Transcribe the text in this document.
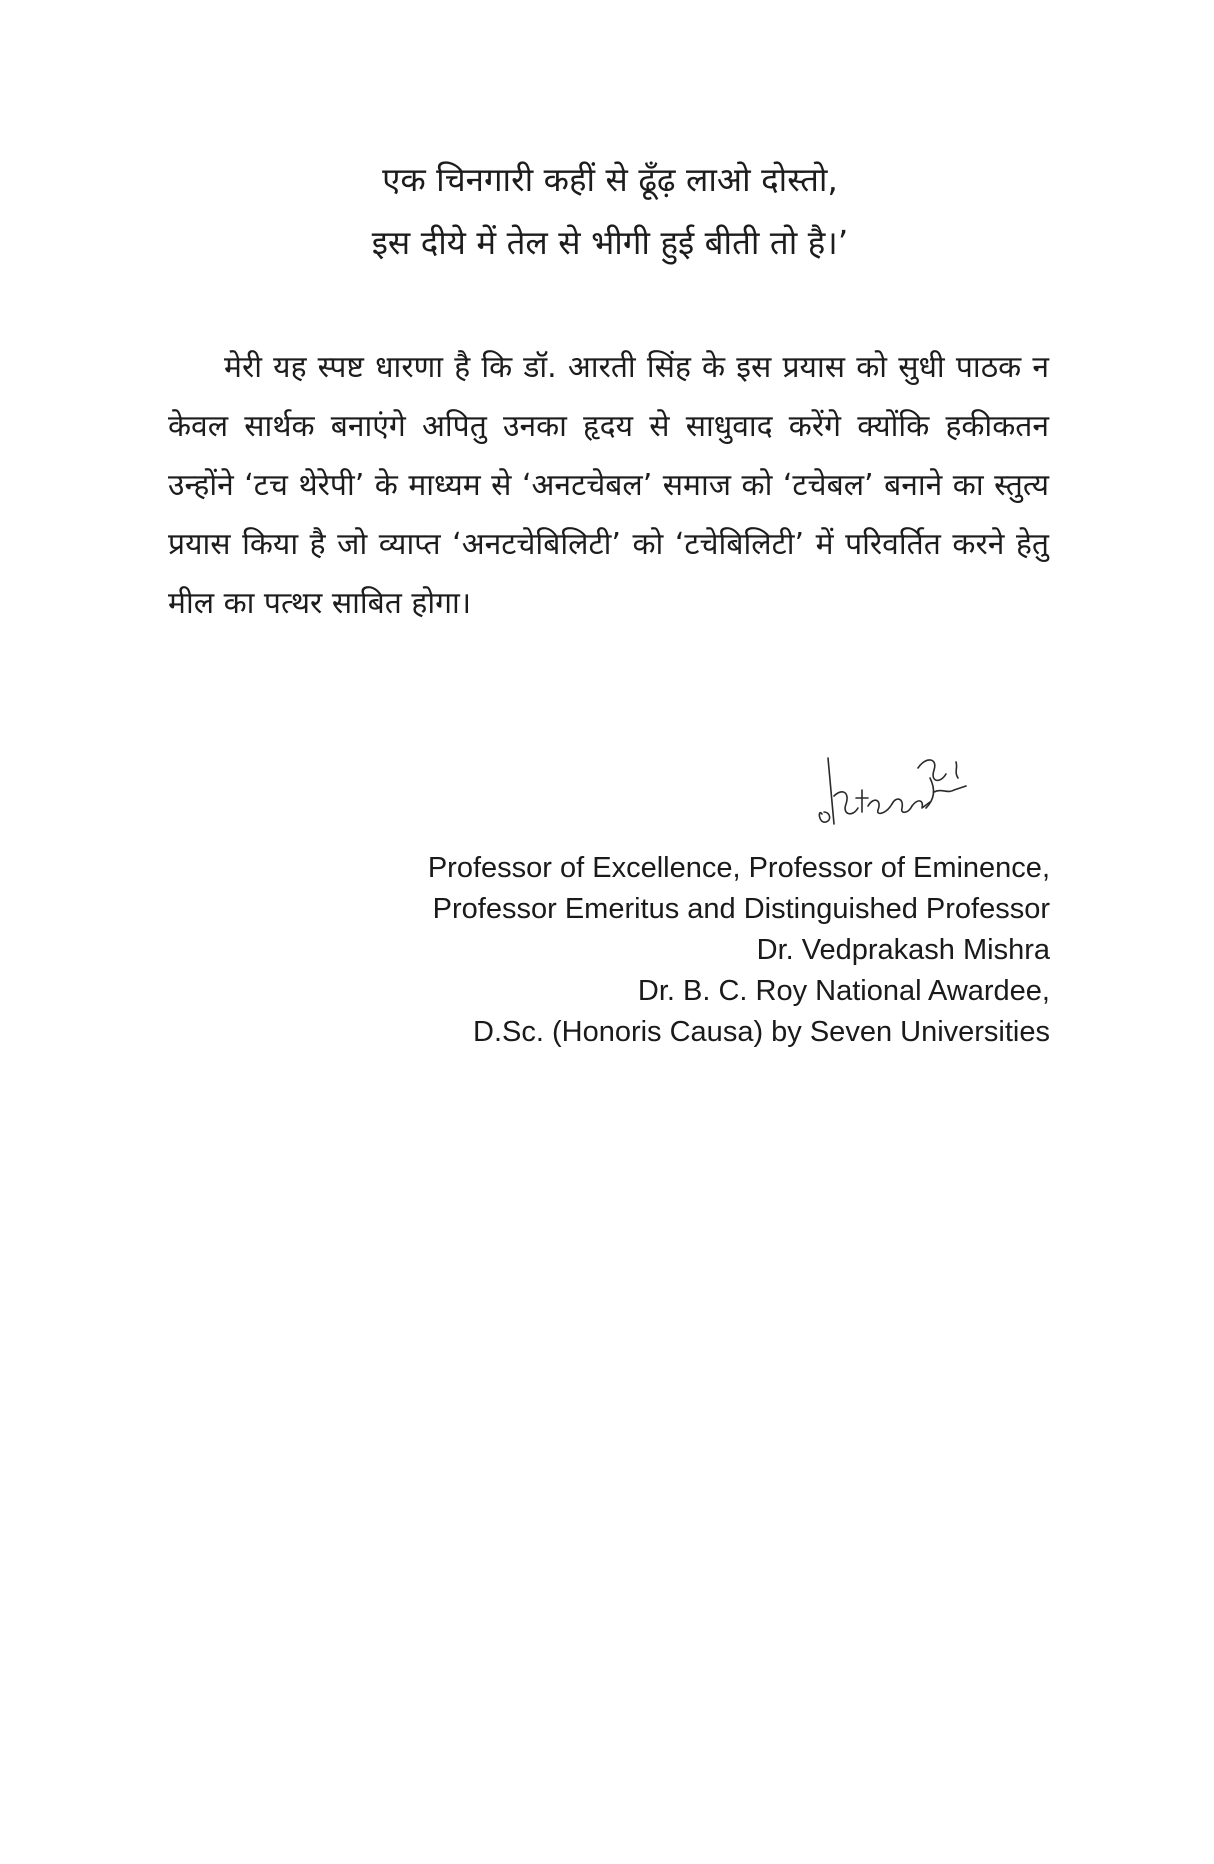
एक चिनगारी कहीं से ढूँढ़ लाओ दोस्तो,
इस दीये में तेल से भीगी हुई बीती तो है।’
मेरी यह स्पष्ट धारणा है कि डॉ. आरती सिंह के इस प्रयास को सुधी पाठक न केवल सार्थक बनाएंगे अपितु उनका हृदय से साधुवाद करेंगे क्योंकि हकीकतन उन्होंने ‘टच थेरेपी’ के माध्यम से ‘अनटचेबल’ समाज को ‘टचेबल’ बनाने का स्तुत्य प्रयास किया है जो व्याप्त ‘अनटचेबिलिटी’ को ‘टचेबिलिटी’ में परिवर्तित करने हेतु मील का पत्थर साबित होगा।
Professor of Excellence, Professor of Eminence,
Professor Emeritus and Distinguished Professor
Dr. Vedprakash Mishra
Dr. B. C. Roy National Awardee,
D.Sc. (Honoris Causa) by Seven Universities
